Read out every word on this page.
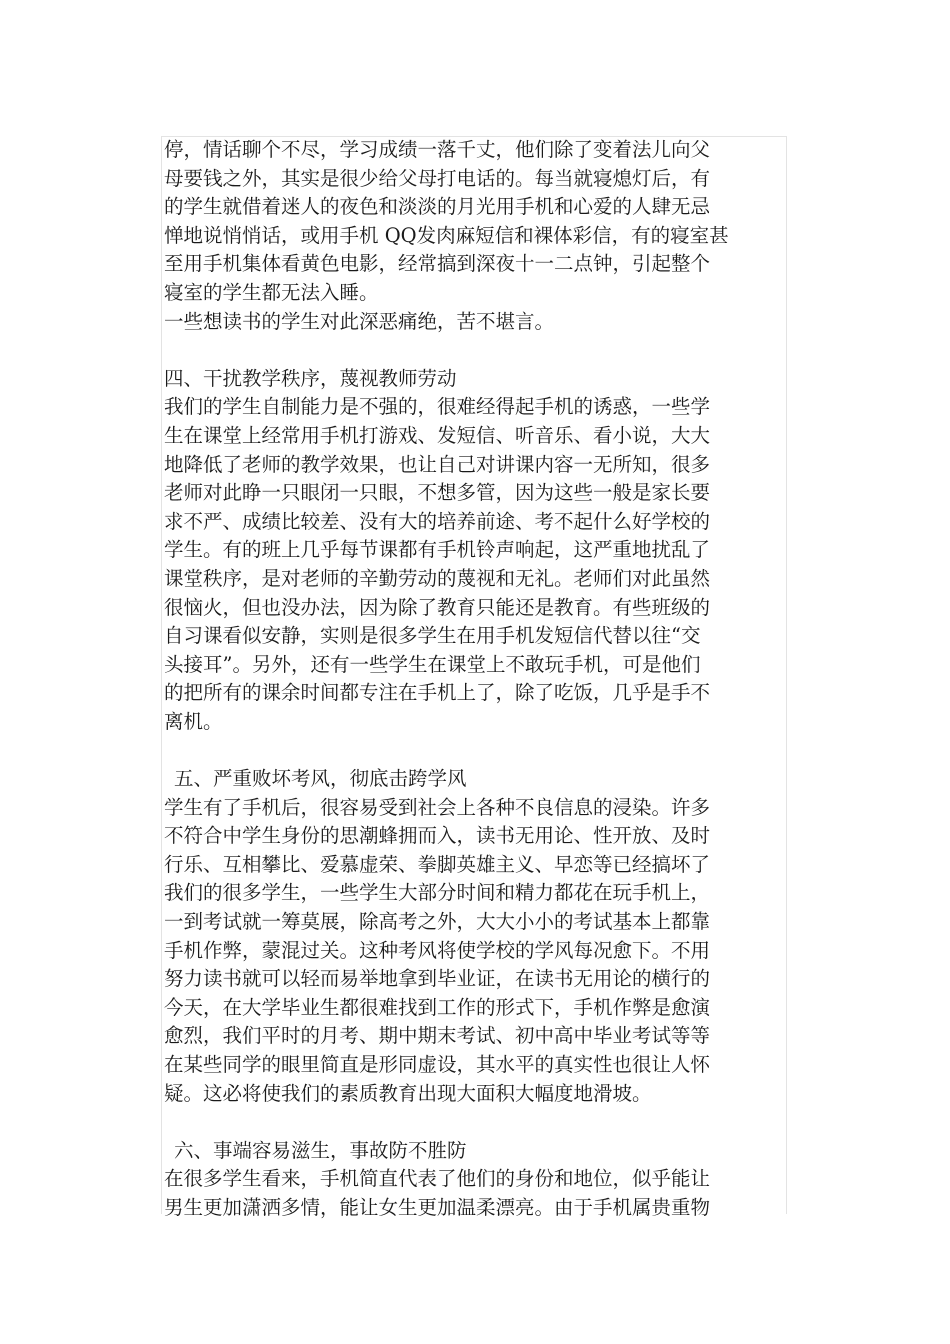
停，情话聊个不尽，学习成绩一落千丈，他们除了变着法儿向父
母要钱之外，其实是很少给父母打电话的。每当就寝熄灯后，有
的学生就借着迷人的夜色和淡淡的月光用手机和心爱的人肆无忌
惮地说悄悄话，或用手机 QQ发肉麻短信和裸体彩信，有的寝室甚
至用手机集体看黄色电影，经常搞到深夜十一二点钟，引起整个
寝室的学生都无法入睡。
一些想读书的学生对此深恶痛绝，苦不堪言。
四、干扰教学秩序，蔑视教师劳动
我们的学生自制能力是不强的，很难经得起手机的诱惑，一些学
生在课堂上经常用手机打游戏、发短信、听音乐、看小说，大大
地降低了老师的教学效果，也让自己对讲课内容一无所知，很多
老师对此睁一只眼闭一只眼，不想多管，因为这些一般是家长要
求不严、成绩比较差、没有大的培养前途、考不起什么好学校的
学生。有的班上几乎每节课都有手机铃声响起，这严重地扰乱了
课堂秩序，是对老师的辛勤劳动的蔑视和无礼。老师们对此虽然
很恼火，但也没办法，因为除了教育只能还是教育。有些班级的
自习课看似安静，实则是很多学生在用手机发短信代替以往“交
头接耳”。另外，还有一些学生在课堂上不敢玩手机，可是他们
的把所有的课余时间都专注在手机上了，除了吃饭，几乎是手不
离机。
五、严重败坏考风，彻底击跨学风
学生有了手机后，很容易受到社会上各种不良信息的浸染。许多
不符合中学生身份的思潮蜂拥而入，读书无用论、性开放、及时
行乐、互相攀比、爱慕虚荣、拳脚英雄主义、早恋等已经搞坏了
我们的很多学生，一些学生大部分时间和精力都花在玩手机上，
一到考试就一筹莫展，除高考之外，大大小小的考试基本上都靠
手机作弊，蒙混过关。这种考风将使学校的学风每况愈下。不用
努力读书就可以轻而易举地拿到毕业证，在读书无用论的横行的
今天，在大学毕业生都很难找到工作的形式下，手机作弊是愈演
愈烈，我们平时的月考、期中期末考试、初中高中毕业考试等等
在某些同学的眼里简直是形同虚设，其水平的真实性也很让人怀
疑。这必将使我们的素质教育出现大面积大幅度地滑坡。
六、事端容易滋生，事故防不胜防
在很多学生看来，手机简直代表了他们的身份和地位，似乎能让
男生更加潇洒多情，能让女生更加温柔漂亮。由于手机属贵重物
